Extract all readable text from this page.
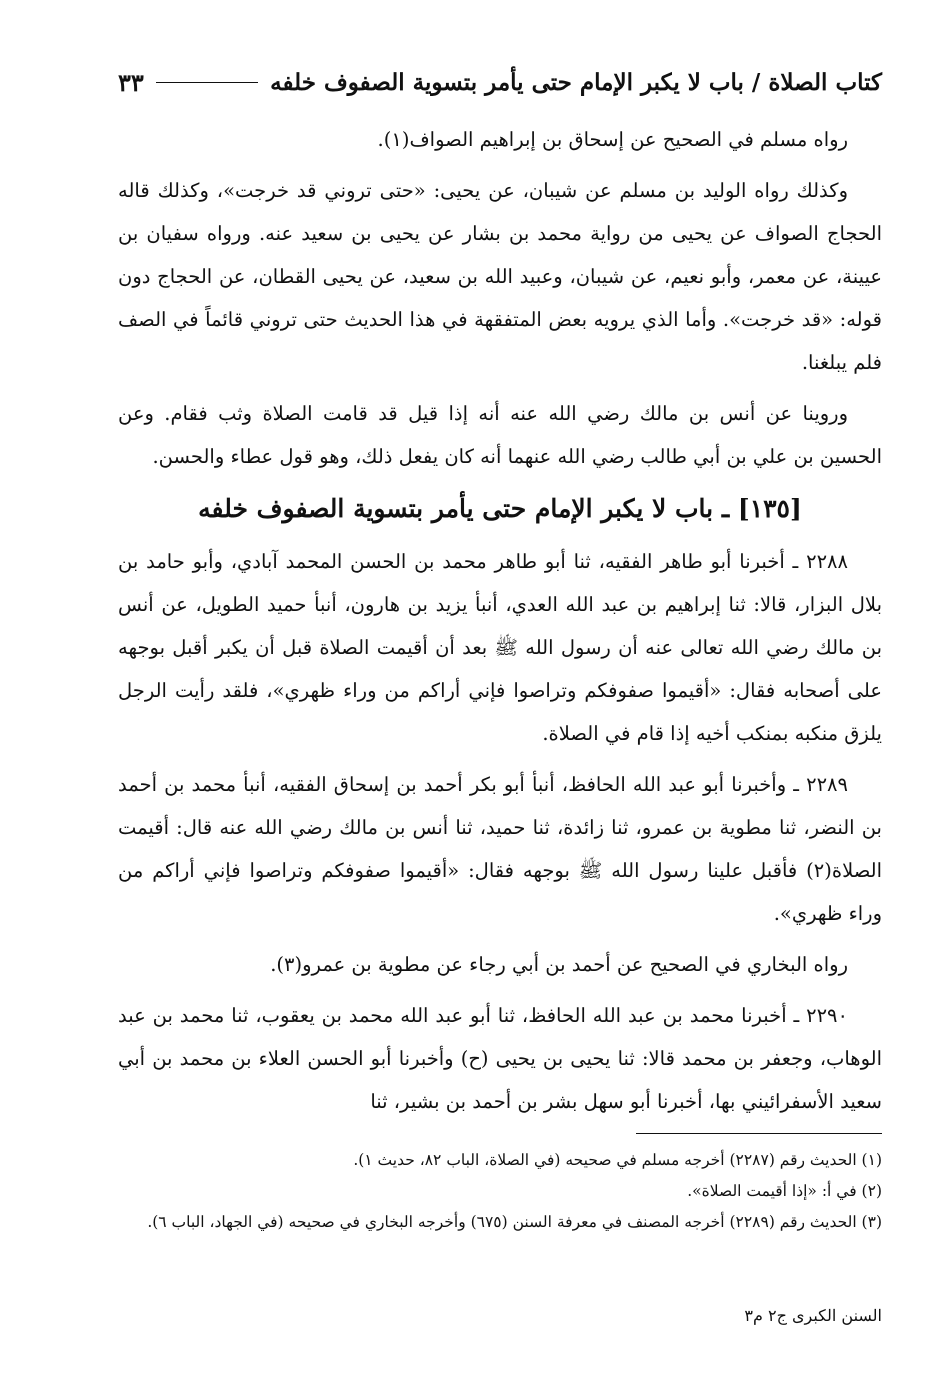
كتاب الصلاة / باب لا يكبر الإمام حتى يأمر بتسوية الصفوف خلفه
٣٣

رواه مسلم في الصحيح عن إسحاق بن إبراهيم الصواف(١).

وكذلك رواه الوليد بن مسلم عن شيبان، عن يحيى: «حتى تروني قد خرجت»، وكذلك قاله الحجاج الصواف عن يحيى من رواية محمد بن بشار عن يحيى بن سعيد عنه. ورواه سفيان بن عيينة، عن معمر، وأبو نعيم، عن شيبان، وعبيد الله بن سعيد، عن يحيى القطان، عن الحجاج دون قوله: «قد خرجت». وأما الذي يرويه بعض المتفقهة في هذا الحديث حتى تروني قائماً في الصف فلم يبلغنا.

وروينا عن أنس بن مالك رضي الله عنه أنه إذا قيل قد قامت الصلاة وثب فقام. وعن الحسين بن علي بن أبي طالب رضي الله عنهما أنه كان يفعل ذلك، وهو قول عطاء والحسن.

[١٣٥] ـ باب لا يكبر الإمام حتى يأمر بتسوية الصفوف خلفه

٢٢٨٨ ـ أخبرنا أبو طاهر الفقيه، ثنا أبو طاهر محمد بن الحسن المحمد آبادي، وأبو حامد بن بلال البزار، قالا: ثنا إبراهيم بن عبد الله العدي، أنبأ يزيد بن هارون، أنبأ حميد الطويل، عن أنس بن مالك رضي الله تعالى عنه أن رسول الله ﷺ بعد أن أقيمت الصلاة قبل أن يكبر أقبل بوجهه على أصحابه فقال: «أقيموا صفوفكم وتراصوا فإني أراكم من وراء ظهري»، فلقد رأيت الرجل يلزق منكبه بمنكب أخيه إذا قام في الصلاة.

٢٢٨٩ ـ وأخبرنا أبو عبد الله الحافظ، أنبأ أبو بكر أحمد بن إسحاق الفقيه، أنبأ محمد بن أحمد بن النضر، ثنا مطوية بن عمرو، ثنا زائدة، ثنا حميد، ثنا أنس بن مالك رضي الله عنه قال: أقيمت الصلاة(٢) فأقبل علينا رسول الله ﷺ بوجهه فقال: «أقيموا صفوفكم وتراصوا فإني أراكم من وراء ظهري».

رواه البخاري في الصحيح عن أحمد بن أبي رجاء عن مطوية بن عمرو(٣).

٢٢٩٠ ـ أخبرنا محمد بن عبد الله الحافظ، ثنا أبو عبد الله محمد بن يعقوب، ثنا محمد بن عبد الوهاب، وجعفر بن محمد قالا: ثنا يحيى بن يحيى (ح) وأخبرنا أبو الحسن العلاء بن محمد بن أبي سعيد الأسفرائيني بها، أخبرنا أبو سهل بشر بن أحمد بن بشير، ثنا

(١) الحديث رقم (٢٢٨٧) أخرجه مسلم في صحيحه (في الصلاة، الباب ٨٢، حديث ١).

(٢) في أ: «إذا أقيمت الصلاة».

(٣) الحديث رقم (٢٢٨٩) أخرجه المصنف في معرفة السنن (٦٧٥) وأخرجه البخاري في صحيحه (في الجهاد، الباب ٦).

السنن الكبرى ج٢ م٣
